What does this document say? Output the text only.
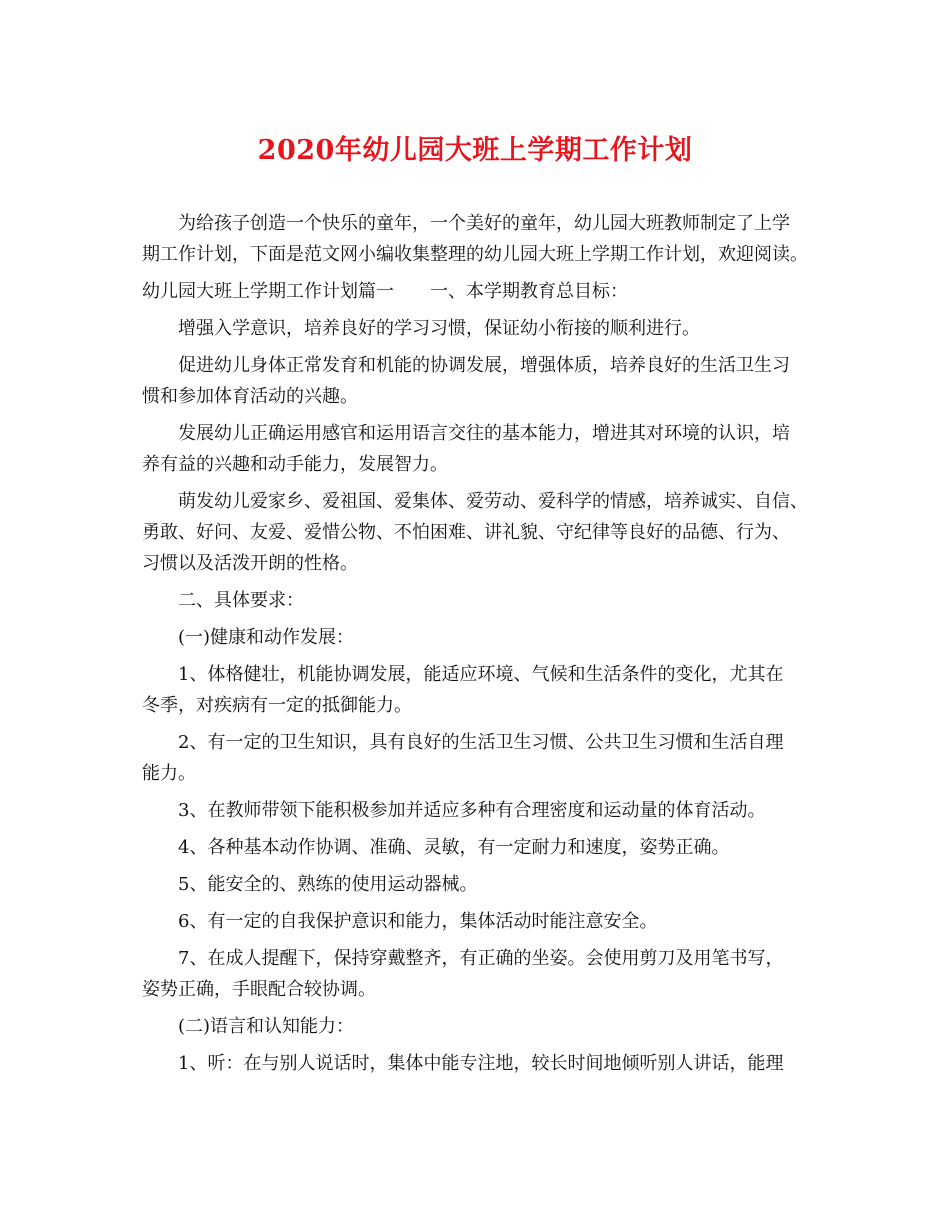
2020年幼儿园大班上学期工作计划

为给孩子创造一个快乐的童年，一个美好的童年，幼儿园大班教师制定了上学
期工作计划，下面是范文网小编收集整理的幼儿园大班上学期工作计划，欢迎阅读。

幼儿园大班上学期工作计划篇一　　一、本学期教育总目标：

增强入学意识，培养良好的学习习惯，保证幼小衔接的顺利进行。

促进幼儿身体正常发育和机能的协调发展，增强体质，培养良好的生活卫生习
惯和参加体育活动的兴趣。

发展幼儿正确运用感官和运用语言交往的基本能力，增进其对环境的认识，培
养有益的兴趣和动手能力，发展智力。

萌发幼儿爱家乡、爱祖国、爱集体、爱劳动、爱科学的情感，培养诚实、自信、
勇敢、好问、友爱、爱惜公物、不怕困难、讲礼貌、守纪律等良好的品德、行为、
习惯以及活泼开朗的性格。

二、具体要求：

(一)健康和动作发展：

1、体格健壮，机能协调发展，能适应环境、气候和生活条件的变化，尤其在
冬季，对疾病有一定的抵御能力。

2、有一定的卫生知识，具有良好的生活卫生习惯、公共卫生习惯和生活自理
能力。

3、在教师带领下能积极参加并适应多种有合理密度和运动量的体育活动。

4、各种基本动作协调、准确、灵敏，有一定耐力和速度，姿势正确。

5、能安全的、熟练的使用运动器械。

6、有一定的自我保护意识和能力，集体活动时能注意安全。

7、在成人提醒下，保持穿戴整齐，有正确的坐姿。会使用剪刀及用笔书写，
姿势正确，手眼配合较协调。

(二)语言和认知能力：

1、听：在与别人说话时，集体中能专注地，较长时间地倾听别人讲话，能理
